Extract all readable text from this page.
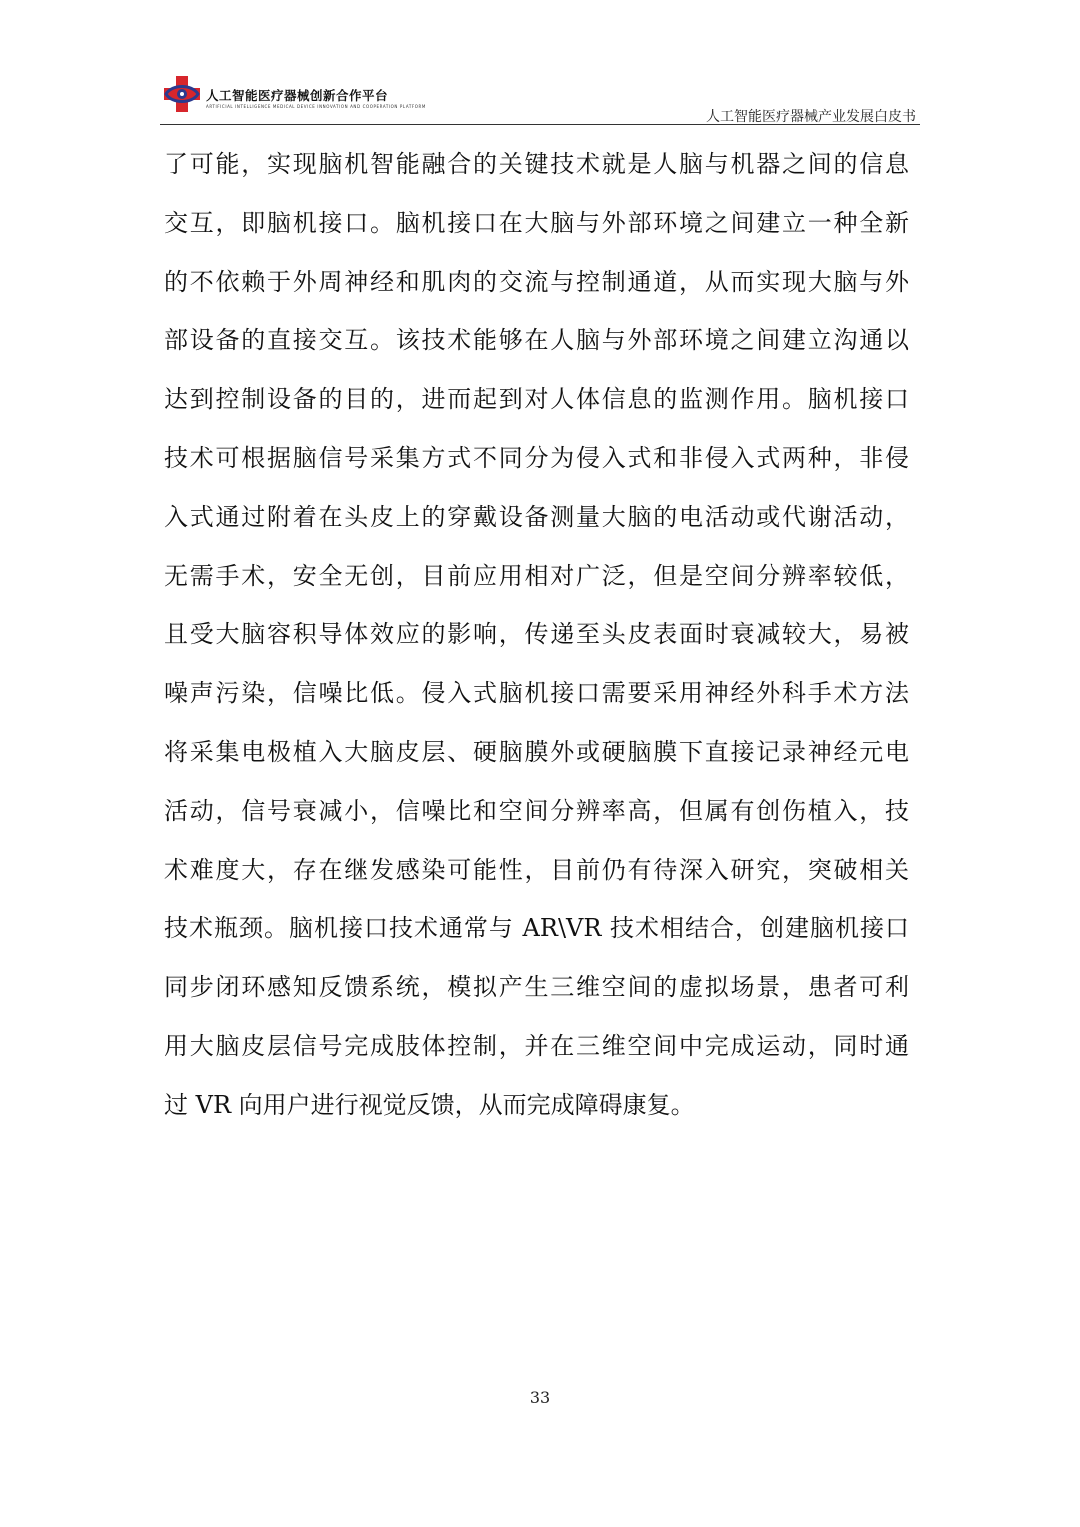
人工智能医疗器械创新合作平台
ARTIFICIAL INTELLIGENCE MEDICAL DEVICE INNOVATION AND COOPERATION PLATFORM
人工智能医疗器械产业发展白皮书
了可能，实现脑机智能融合的关键技术就是人脑与机器之间的信息
交互，即脑机接口。脑机接口在大脑与外部环境之间建立一种全新
的不依赖于外周神经和肌肉的交流与控制通道，从而实现大脑与外
部设备的直接交互。该技术能够在人脑与外部环境之间建立沟通以
达到控制设备的目的，进而起到对人体信息的监测作用。脑机接口
技术可根据脑信号采集方式不同分为侵入式和非侵入式两种，非侵
入式通过附着在头皮上的穿戴设备测量大脑的电活动或代谢活动，
无需手术，安全无创，目前应用相对广泛，但是空间分辨率较低，
且受大脑容积导体效应的影响，传递至头皮表面时衰减较大，易被
噪声污染，信噪比低。侵入式脑机接口需要采用神经外科手术方法
将采集电极植入大脑皮层、硬脑膜外或硬脑膜下直接记录神经元电
活动，信号衰减小，信噪比和空间分辨率高，但属有创伤植入，技
术难度大，存在继发感染可能性，目前仍有待深入研究，突破相关
技术瓶颈。脑机接口技术通常与 AR\VR 技术相结合，创建脑机接口
同步闭环感知反馈系统，模拟产生三维空间的虚拟场景，患者可利
用大脑皮层信号完成肢体控制，并在三维空间中完成运动，同时通
过 VR 向用户进行视觉反馈，从而完成障碍康复。
33
